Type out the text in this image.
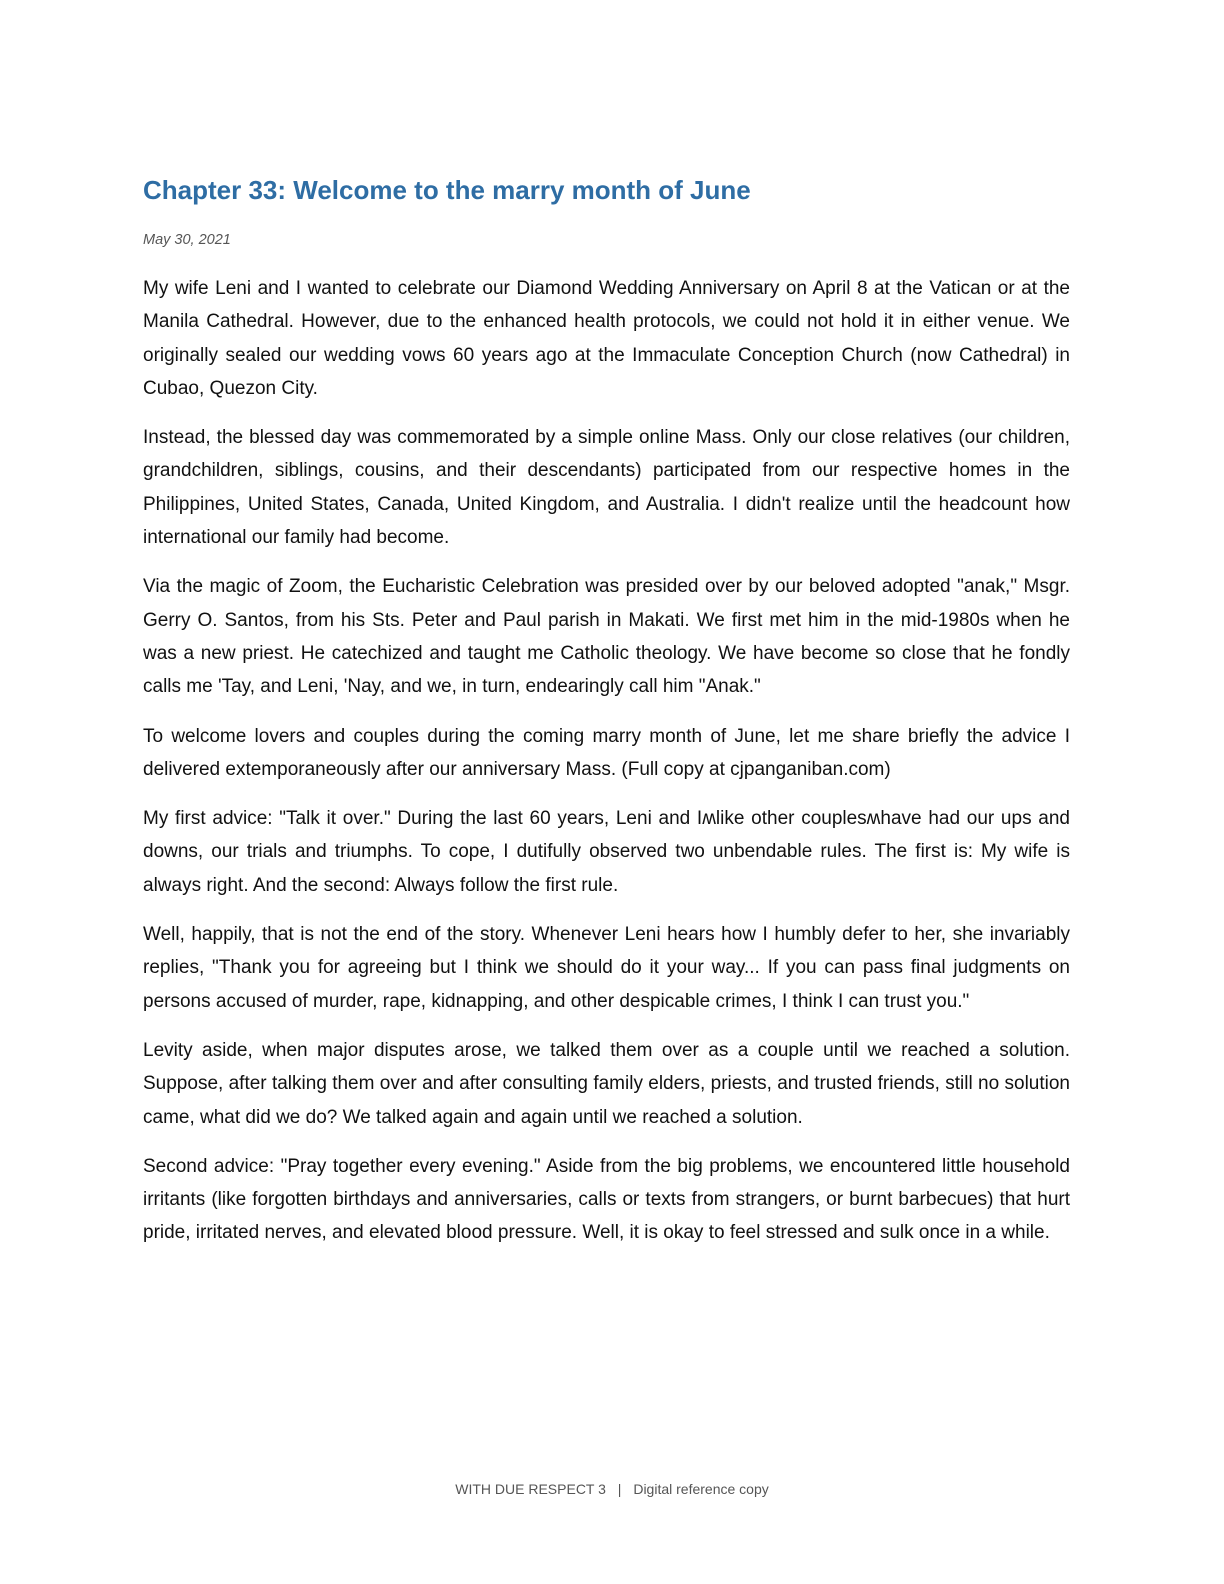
Chapter 33: Welcome to the marry month of June
May 30, 2021

My wife Leni and I wanted to celebrate our Diamond Wedding Anniversary on April 8 at the Vatican or at the Manila Cathedral. However, due to the enhanced health protocols, we could not hold it in either venue. We originally sealed our wedding vows 60 years ago at the Immaculate Conception Church (now Cathedral) in Cubao, Quezon City.

Instead, the blessed day was commemorated by a simple online Mass. Only our close relatives (our children, grandchildren, siblings, cousins, and their descendants) participated from our respective homes in the Philippines, United States, Canada, United Kingdom, and Australia. I didn't realize until the headcount how international our family had become.

Via the magic of Zoom, the Eucharistic Celebration was presided over by our beloved adopted "anak," Msgr. Gerry O. Santos, from his Sts. Peter and Paul parish in Makati. We first met him in the mid-1980s when he was a new priest. He catechized and taught me Catholic theology. We have become so close that he fondly calls me 'Tay, and Leni, 'Nay, and we, in turn, endearingly call him "Anak."

To welcome lovers and couples during the coming marry month of June, let me share briefly the advice I delivered extemporaneously after our anniversary Mass. (Full copy at cjpanganiban.com)

My first advice: "Talk it over." During the last 60 years, Leni and Iʍlike other couplesʍhave had our ups and downs, our trials and triumphs. To cope, I dutifully observed two unbendable rules. The first is: My wife is always right. And the second: Always follow the first rule.

Well, happily, that is not the end of the story. Whenever Leni hears how I humbly defer to her, she invariably replies, "Thank you for agreeing but I think we should do it your way... If you can pass final judgments on persons accused of murder, rape, kidnapping, and other despicable crimes, I think I can trust you."

Levity aside, when major disputes arose, we talked them over as a couple until we reached a solution. Suppose, after talking them over and after consulting family elders, priests, and trusted friends, still no solution came, what did we do? We talked again and again until we reached a solution.

Second advice: "Pray together every evening." Aside from the big problems, we encountered little household irritants (like forgotten birthdays and anniversaries, calls or texts from strangers, or burnt barbecues) that hurt pride, irritated nerves, and elevated blood pressure. Well, it is okay to feel stressed and sulk once in a while.

WITH DUE RESPECT 3 | Digital reference copy
